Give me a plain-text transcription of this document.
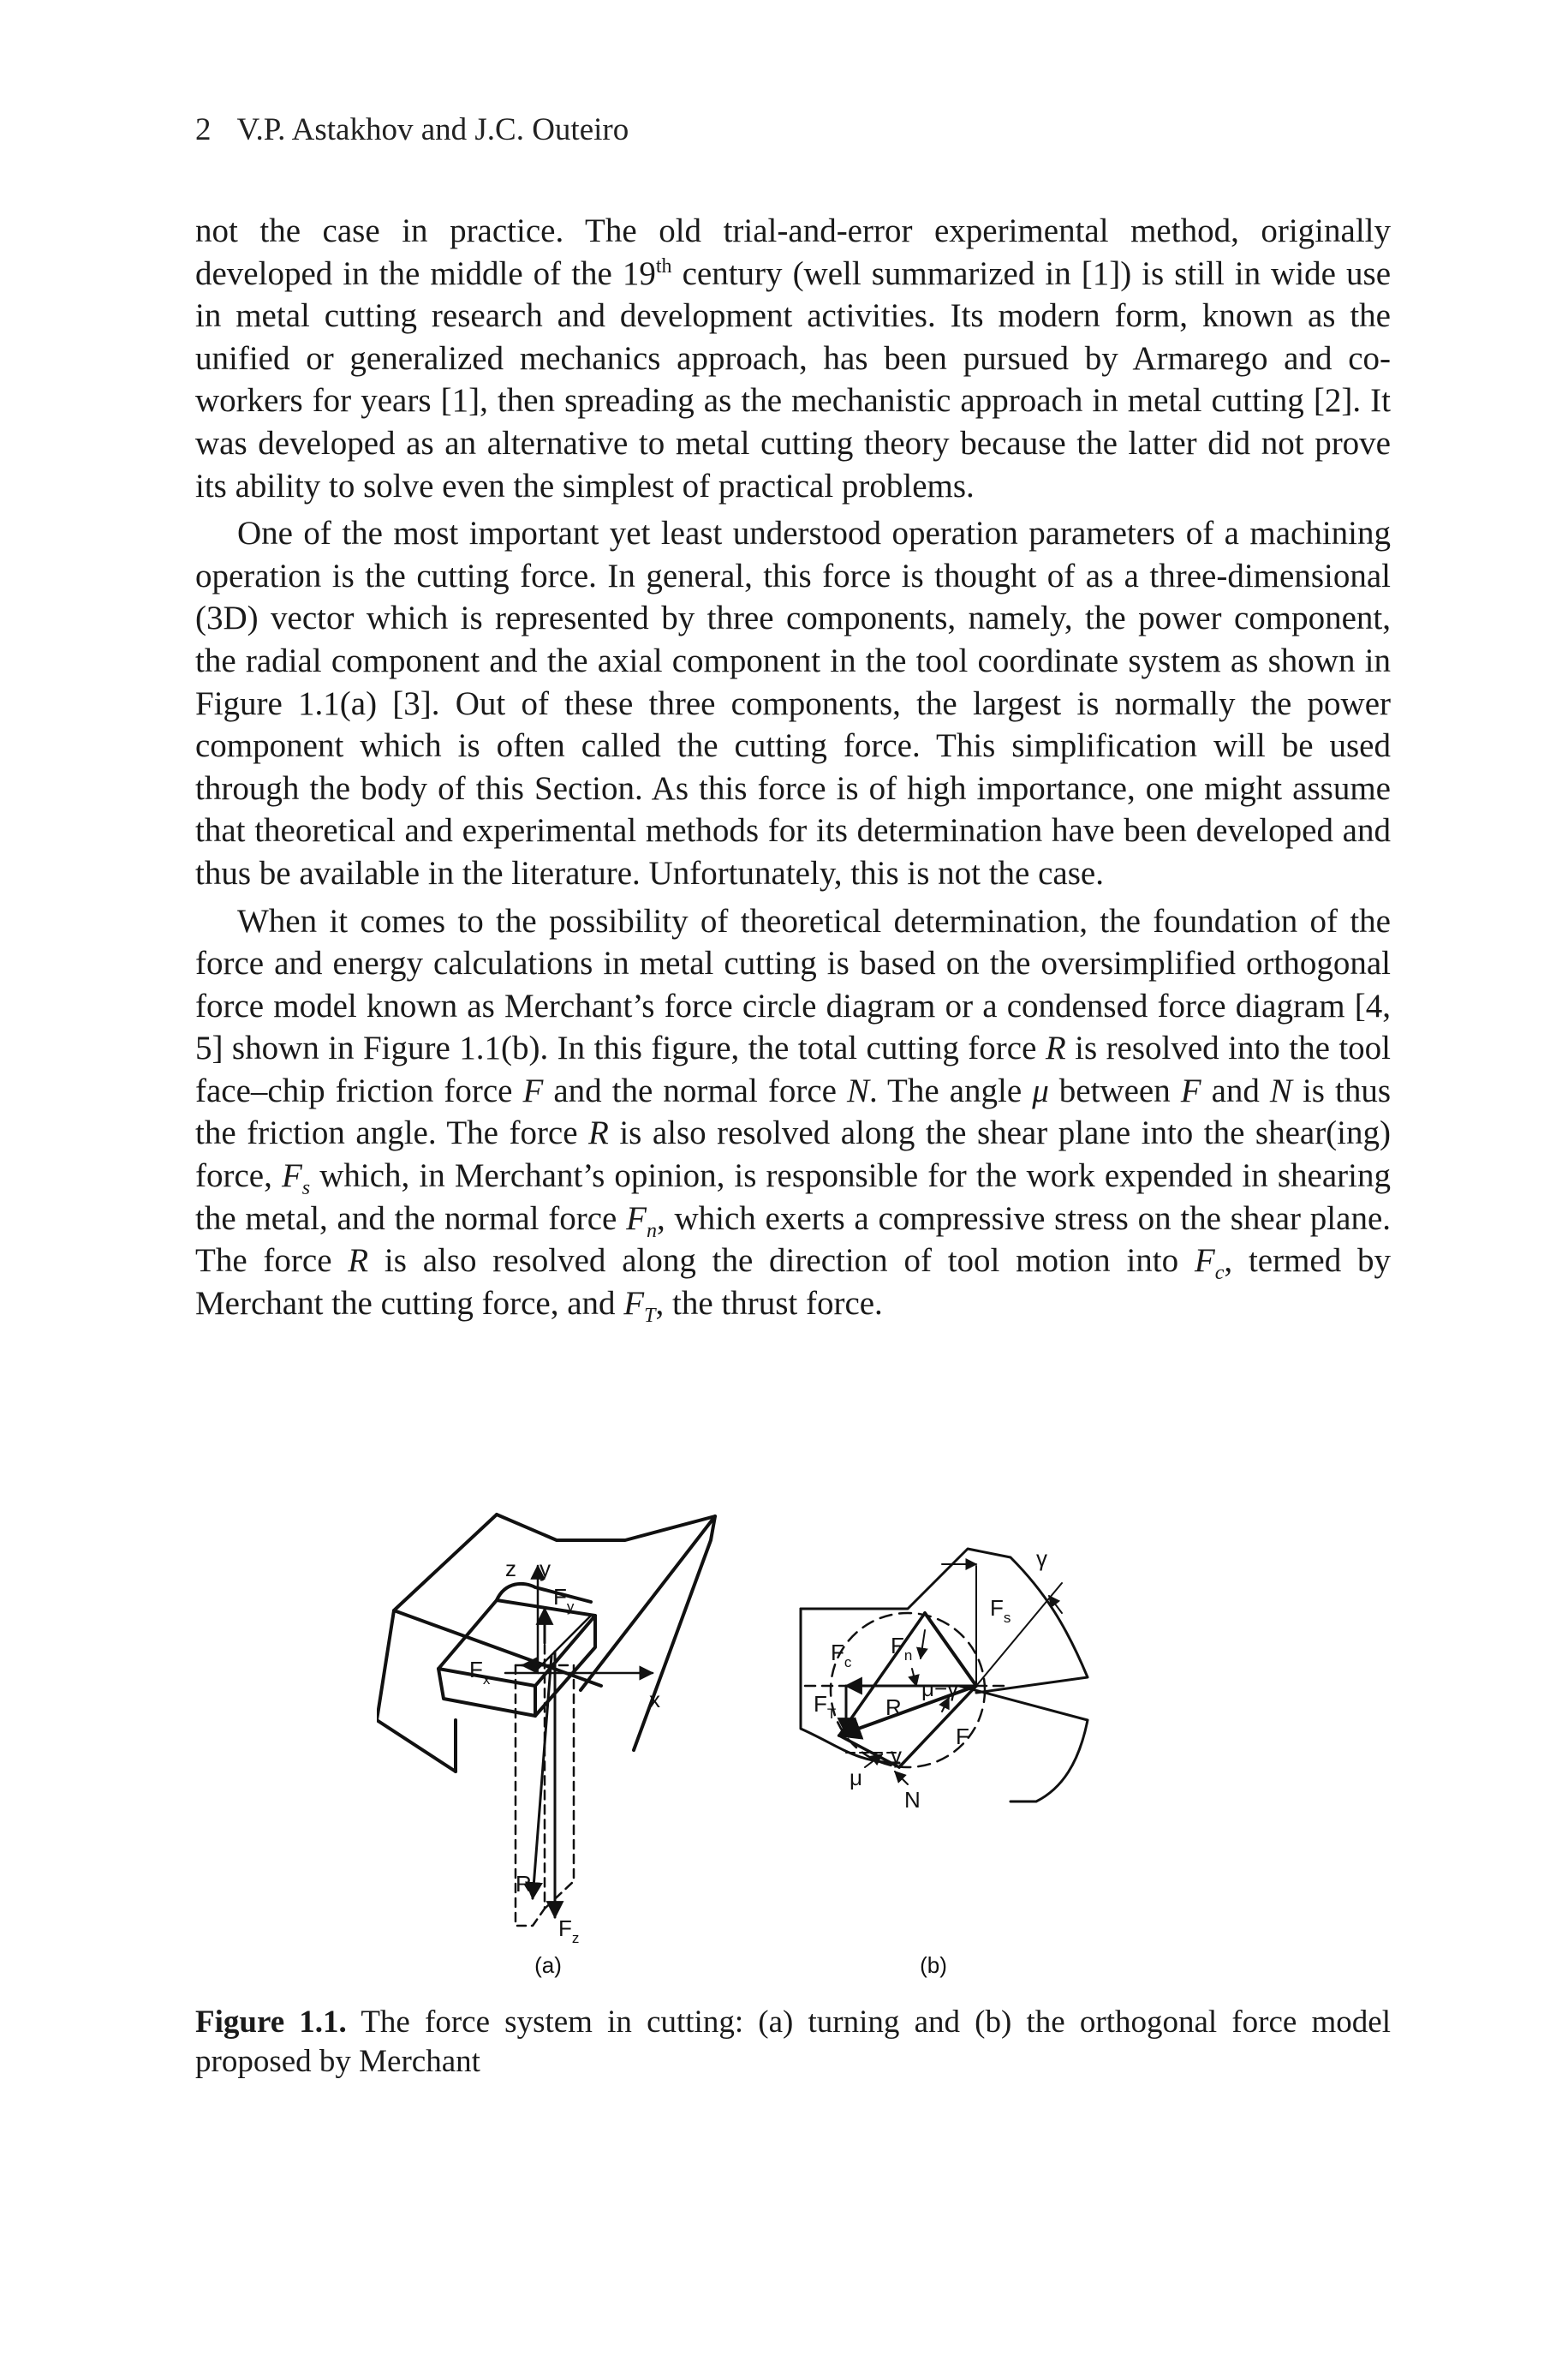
2 V.P. Astakhov and J.C. Outeiro

not the case in practice. The old trial-and-error experimental method, originally developed in the middle of the 19th century (well summarized in [1]) is still in wide use in metal cutting research and development activities. Its modern form, known as the unified or generalized mechanics approach, has been pursued by Armarego and co-workers for years [1], then spreading as the mechanistic approach in metal cutting [2]. It was developed as an alternative to metal cutting theory because the latter did not prove its ability to solve even the simplest of practical problems.

One of the most important yet least understood operation parameters of a machining operation is the cutting force. In general, this force is thought of as a three-dimensional (3D) vector which is represented by three components, namely, the power component, the radial component and the axial component in the tool coordinate system as shown in Figure 1.1(a) [3]. Out of these three components, the largest is normally the power component which is often called the cutting force. This simplification will be used through the body of this Section. As this force is of high importance, one might assume that theoretical and experimental methods for its determination have been developed and thus be available in the literature. Unfortunately, this is not the case.

When it comes to the possibility of theoretical determination, the foundation of the force and energy calculations in metal cutting is based on the oversimplified orthogonal force model known as Merchant’s force circle diagram or a condensed force diagram [4, 5] shown in Figure 1.1(b). In this figure, the total cutting force R is resolved into the tool face–chip friction force F and the normal force N. The angle μ between F and N is thus the friction angle. The force R is also resolved along the shear plane into the shear(ing) force, $F_s$ which, in Merchant’s opinion, is responsible for the work expended in shearing the metal, and the normal force $F_n$, which exerts a compressive stress on the shear plane. The force R is also resolved along the direction of tool motion into $F_c$, termed by Merchant the cutting force, and $F_T$, the thrust force.

z y
x
$F_y$
$F_x$
R
$F_z$
(a)
γ
$F_s$
$F_c$
$F_n$
$F_T$ R
μ−γ
F
γ
μ
N
(b)
Figure 1.1. The force system in cutting: (a) turning and (b) the orthogonal force model proposed by Merchant
